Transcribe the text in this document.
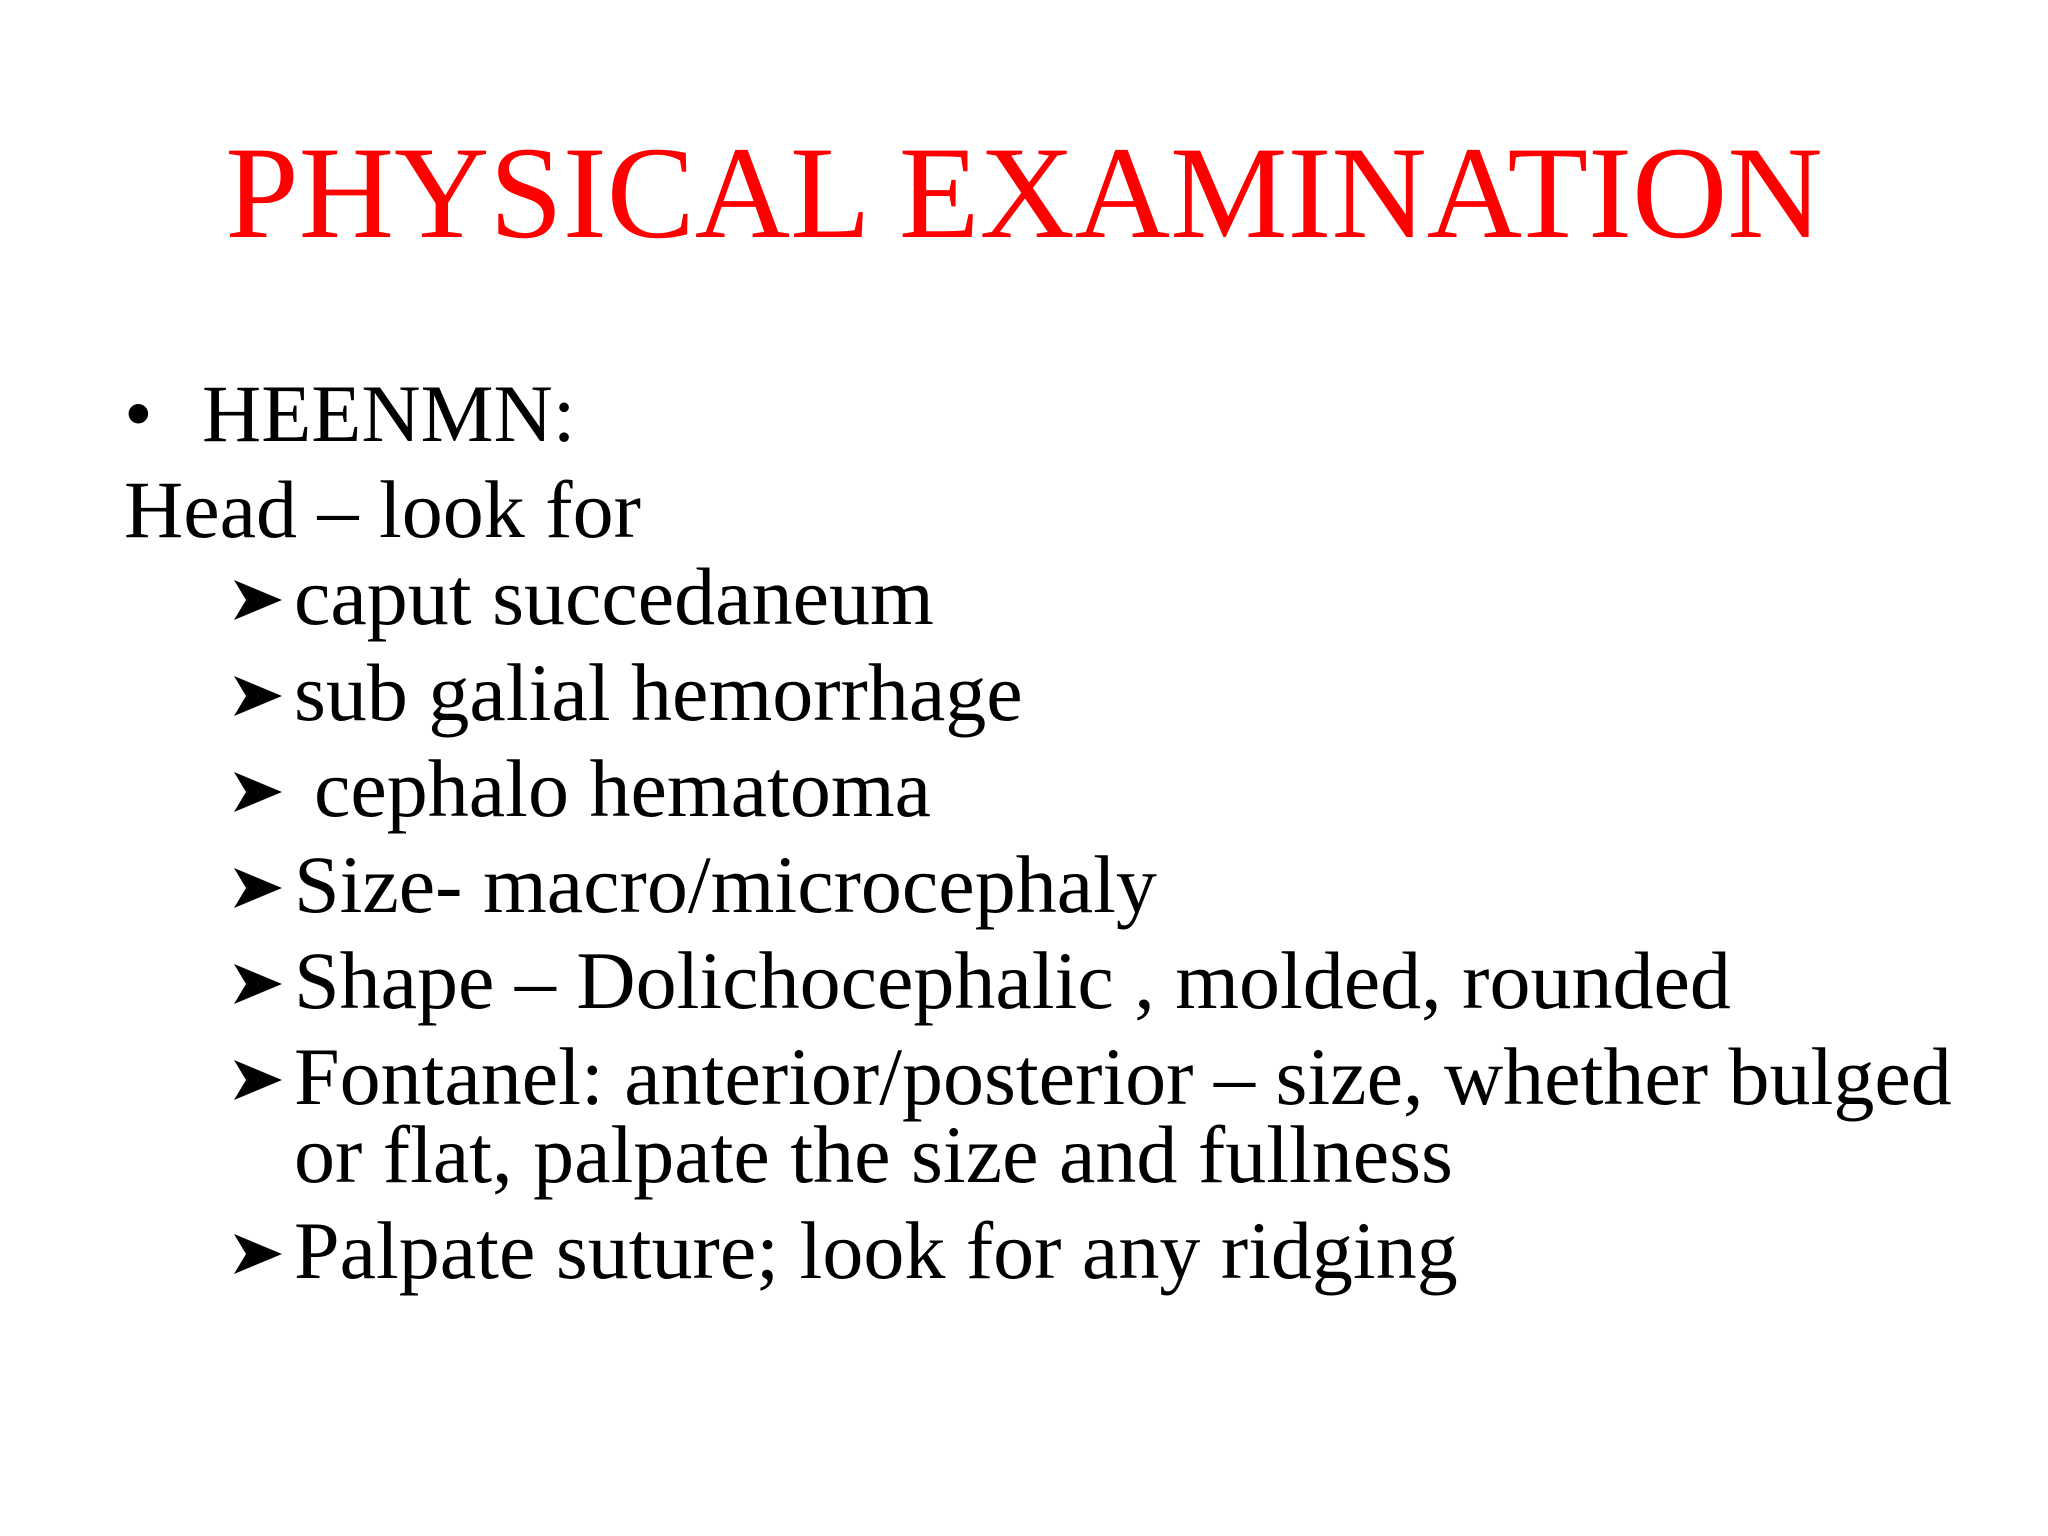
PHYSICAL EXAMINATION
• HEENMN:
Head – look for
caput succedaneum
sub galial hemorrhage
cephalo hematoma
Size- macro/microcephaly
Shape – Dolichocephalic , molded, rounded
Fontanel: anterior/posterior – size, whether bulged or flat, palpate the size and fullness
Palpate suture; look for any ridging
